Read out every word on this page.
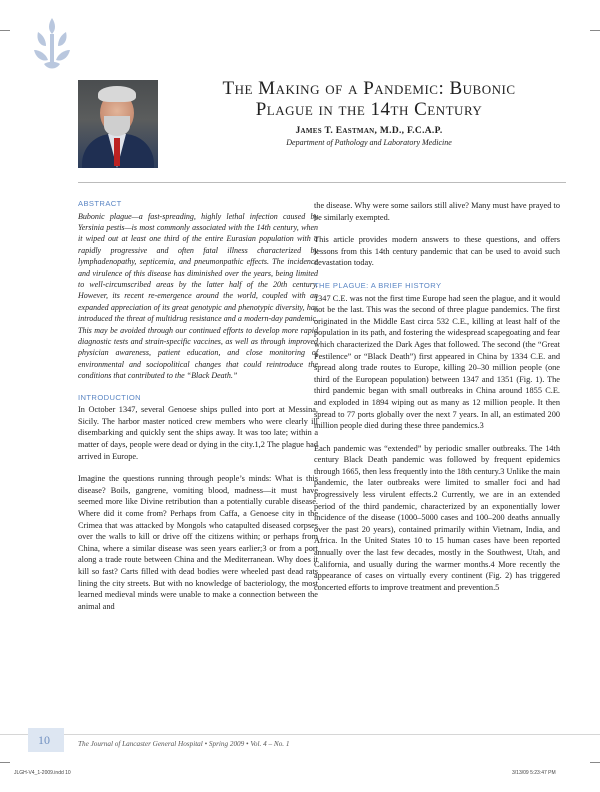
The Making of a Pandemic: Bubonic
Plague in the 14th Century

James T. Eastman, M.D., F.C.A.P.

Department of Pathology and Laboratory Medicine

ABSTRACT

Bubonic plague—a fast-spreading, highly lethal infection caused by Yersinia pestis—is most commonly associated with the 14th century, when it wiped out at least one third of the entire Eurasian population with a rapidly progressive and often fatal illness characterized by lymphadenopathy, septicemia, and pneumonpathic effects. The incidence and virulence of this disease has diminished over the years, being limited to well-circumscribed areas by the latter half of the 20th century. However, its recent re-emergence around the world, coupled with an expanded appreciation of its great genotypic and phenotypic diversity, has introduced the threat of multidrug resistance and a modern-day pandemic. This may be avoided through our continued efforts to develop more rapid diagnostic tests and strain-specific vaccines, as well as through improved physician awareness, patient education, and close monitoring of environmental and sociopolitical changes that could reintroduce the conditions that contributed to the “Black Death.”

INTRODUCTION

In October 1347, several Genoese ships pulled into port at Messina, Sicily. The harbor master noticed crew members who were clearly ill disembarking and quickly sent the ships away. It was too late; within a matter of days, people were dead or dying in the city.1,2 The plague had arrived in Europe.

Imagine the questions running through people’s minds: What is this disease? Boils, gangrene, vomiting blood, madness—it must have seemed more like Divine retribution than a potentially curable disease. Where did it come from? Perhaps from Caffa, a Genoese city in the Crimea that was attacked by Mongols who catapulted diseased corpses over the walls to kill or drive off the citizens within; or perhaps from China, where a similar disease was seen years earlier;3 or from a port along a trade route between China and the Mediterranean. Why does it kill so fast? Carts filled with dead bodies were wheeled past dead rats lining the city streets. But with no knowledge of bacteriology, the most learned medieval minds were unable to make a connection between the animal and

the disease. Why were some sailors still alive? Many must have prayed to be similarly exempted.

This article provides modern answers to these questions, and offers lessons from this 14th century pandemic that can be used to avoid such devastation today.

THE PLAGUE: A BRIEF HISTORY

1347 C.E. was not the first time Europe had seen the plague, and it would not be the last. This was the second of three plague pandemics. The first originated in the Middle East circa 532 C.E., killing at least half of the population in its path, and fostering the widespread scapegoating and fear which characterized the Dark Ages that followed. The second (the “Great Pestilence” or “Black Death”) first appeared in China by 1334 C.E. and spread along trade routes to Europe, killing 20–30 million people (one third of the European population) between 1347 and 1351 (Fig. 1). The third pandemic began with small outbreaks in China around 1855 C.E. and exploded in 1894 wiping out as many as 12 million people. It then spread to 77 ports globally over the next 7 years. In all, an estimated 200 million people died during these three pandemics.3

Each pandemic was “extended” by periodic smaller outbreaks. The 14th century Black Death pandemic was followed by frequent epidemics through 1665, then less frequently into the 18th century.3 Unlike the main pandemic, the later outbreaks were limited to smaller foci and had progressively less virulent effects.2 Currently, we are in an extended period of the third pandemic, characterized by an exponentially lower incidence of the disease (1000–5000 cases and 100–200 deaths annually over the past 20 years), contained primarily within Vietnam, India, and Africa. In the United States 10 to 15 human cases have been reported annually over the last few decades, mostly in the Southwest, Utah, and California, and usually during the warmer months.4 More recently the appearance of cases on virtually every continent (Fig. 2) has triggered concerted efforts to improve treatment and prevention.5

10	The Journal of Lancaster General Hospital • Spring 2009 • Vol. 4 – No. 1
JLGH-V4_1-2009.indd 10	3/13/09 5:23:47 PM
